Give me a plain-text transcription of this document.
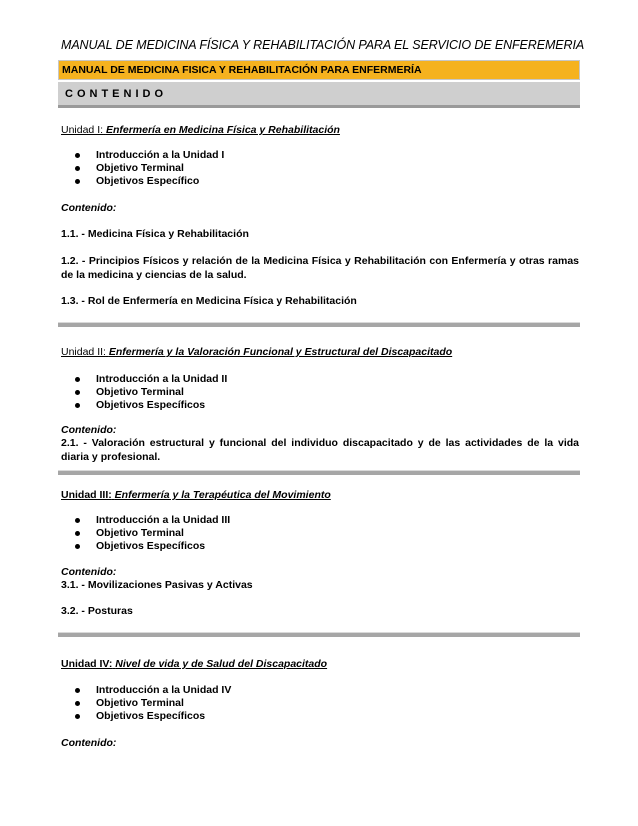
MANUAL DE MEDICINA FÍSICA Y REHABILITACIÓN PARA EL SERVICIO DE ENFEREMERIA
MANUAL DE MEDICINA FISICA Y REHABILITACIÓN PARA ENFERMERÍA
CONTENIDO
Unidad I: Enfermería en Medicina Física y Rehabilitación
Introducción a la Unidad I
Objetivo Terminal
Objetivos Específico
Contenido:
1.1. - Medicina Física y Rehabilitación
1.2. - Principios Físicos y relación de la Medicina Física y Rehabilitación con Enfermería y otras ramas de la medicina y ciencias de la salud.
1.3. - Rol de Enfermería en Medicina Física y Rehabilitación
Unidad II: Enfermería y la Valoración Funcional y Estructural del Discapacitado
Introducción a la Unidad II
Objetivo Terminal
Objetivos Específicos
Contenido:
2.1. - Valoración estructural y funcional del individuo discapacitado y de las actividades de la vida diaria y profesional.
Unidad III: Enfermería y la Terapéutica del Movimiento
Introducción a la Unidad III
Objetivo Terminal
Objetivos Específicos
Contenido:
3.1. - Movilizaciones Pasivas y Activas
3.2. - Posturas
Unidad IV: Nivel de vida y de Salud del Discapacitado
Introducción a la Unidad IV
Objetivo Terminal
Objetivos Específicos
Contenido:
